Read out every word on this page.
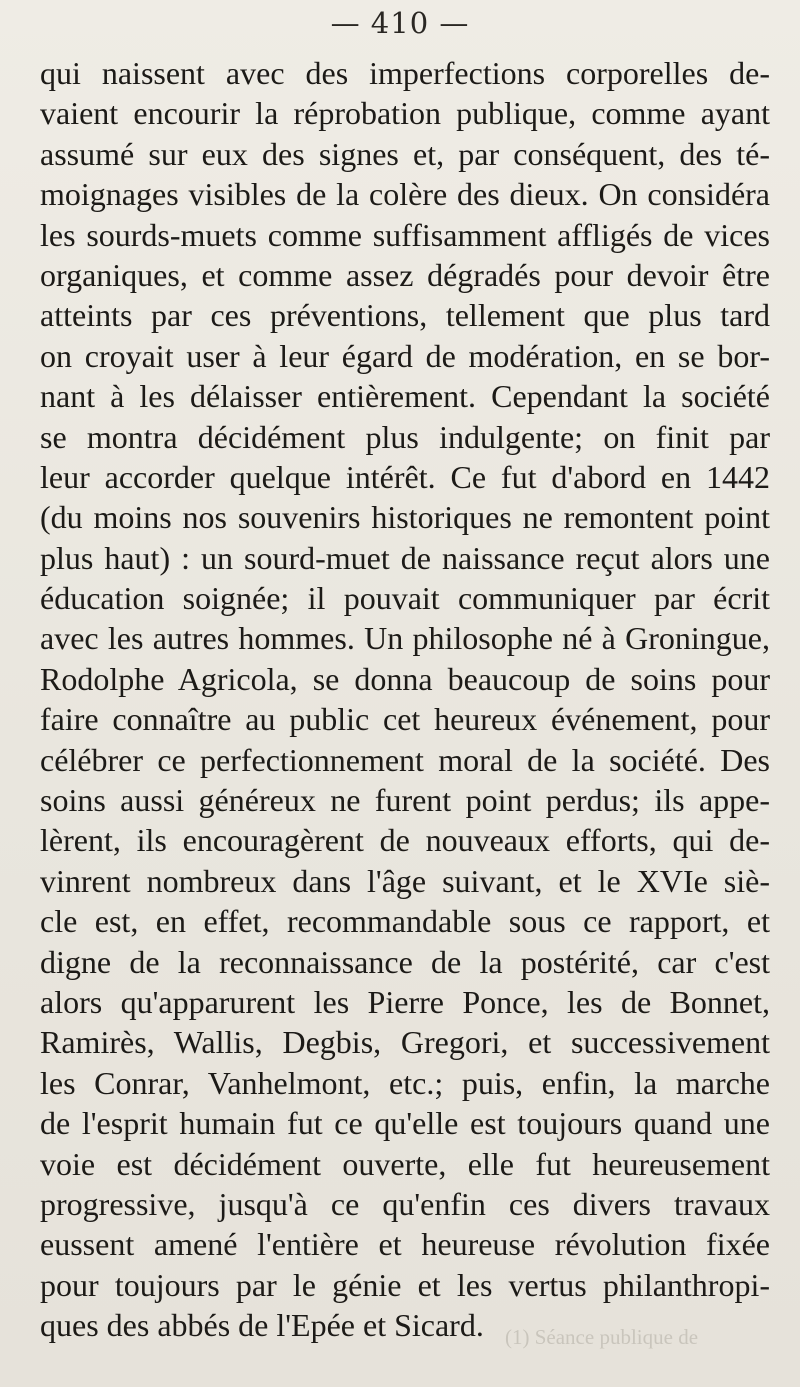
— 410 —
qui naissent avec des imperfections corporelles de-
vaient encourir la réprobation publique, comme ayant
assumé sur eux des signes et, par conséquent, des té-
moignages visibles de la colère des dieux. On considéra
les sourds-muets comme suffisamment affligés de vices
organiques, et comme assez dégradés pour devoir être
atteints par ces préventions, tellement que plus tard
on croyait user à leur égard de modération, en se bor-
nant à les délaisser entièrement. Cependant la société
se montra décidément plus indulgente; on finit par
leur accorder quelque intérêt. Ce fut d'abord en 1442
(du moins nos souvenirs historiques ne remontent point
plus haut) : un sourd-muet de naissance reçut alors une
éducation soignée; il pouvait communiquer par écrit
avec les autres hommes. Un philosophe né à Groningue,
Rodolphe Agricola, se donna beaucoup de soins pour
faire connaître au public cet heureux événement, pour
célébrer ce perfectionnement moral de la société. Des
soins aussi généreux ne furent point perdus; ils appe-
lèrent, ils encouragèrent de nouveaux efforts, qui de-
vinrent nombreux dans l'âge suivant, et le XVIe siè-
cle est, en effet, recommandable sous ce rapport, et
digne de la reconnaissance de la postérité, car c'est
alors qu'apparurent les Pierre Ponce, les de Bonnet,
Ramirès, Wallis, Degbis, Gregori, et successivement
les Conrar, Vanhelmont, etc.; puis, enfin, la marche
de l'esprit humain fut ce qu'elle est toujours quand une
voie est décidément ouverte, elle fut heureusement
progressive, jusqu'à ce qu'enfin ces divers travaux
eussent amené l'entière et heureuse révolution fixée
pour toujours par le génie et les vertus philanthropi-
ques des abbés de l'Epée et Sicard.	(1) Séance publique de
